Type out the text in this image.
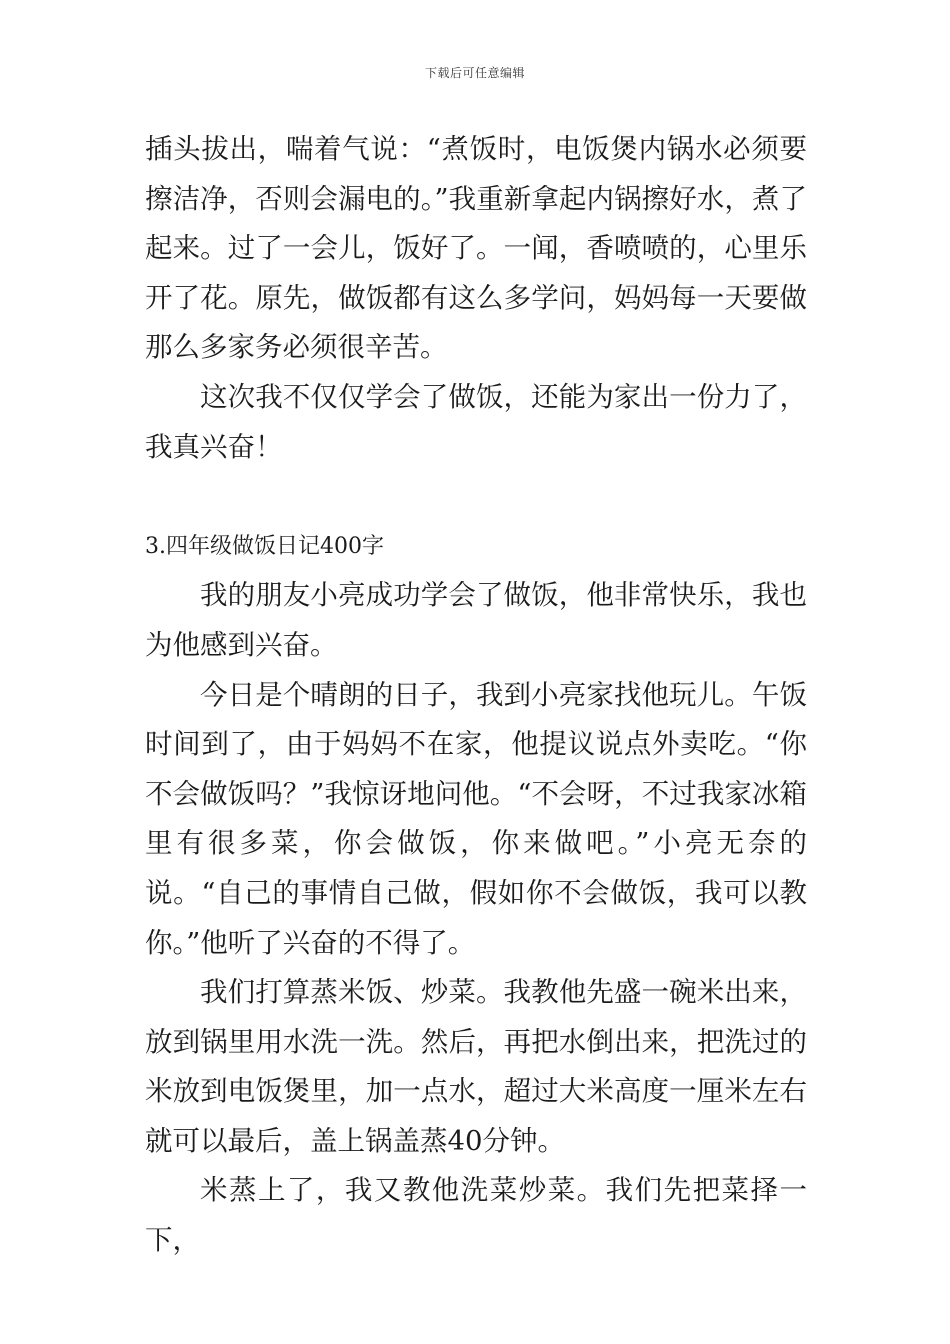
下载后可任意编辑

插头拔出，喘着气说：“煮饭时，电饭煲内锅水必须要擦洁净，否则会漏电的。”我重新拿起内锅擦好水，煮了起来。过了一会儿，饭好了。一闻，香喷喷的，心里乐开了花。原先，做饭都有这么多学问，妈妈每一天要做那么多家务必须很辛苦。

这次我不仅仅学会了做饭，还能为家出一份力了，我真兴奋！

3.四年级做饭日记400字

我的朋友小亮成功学会了做饭，他非常快乐，我也为他感到兴奋。

今日是个晴朗的日子，我到小亮家找他玩儿。午饭时间到了，由于妈妈不在家，他提议说点外卖吃。“你不会做饭吗？”我惊讶地问他。“不会呀，不过我家冰箱里有很多菜，你会做饭，你来做吧。”小亮无奈的说。“自己的事情自己做，假如你不会做饭，我可以教你。”他听了兴奋的不得了。

我们打算蒸米饭、炒菜。我教他先盛一碗米出来，放到锅里用水洗一洗。然后，再把水倒出来，把洗过的米放到电饭煲里，加一点水，超过大米高度一厘米左右就可以最后，盖上锅盖蒸40分钟。

米蒸上了，我又教他洗菜炒菜。我们先把菜择一下，
